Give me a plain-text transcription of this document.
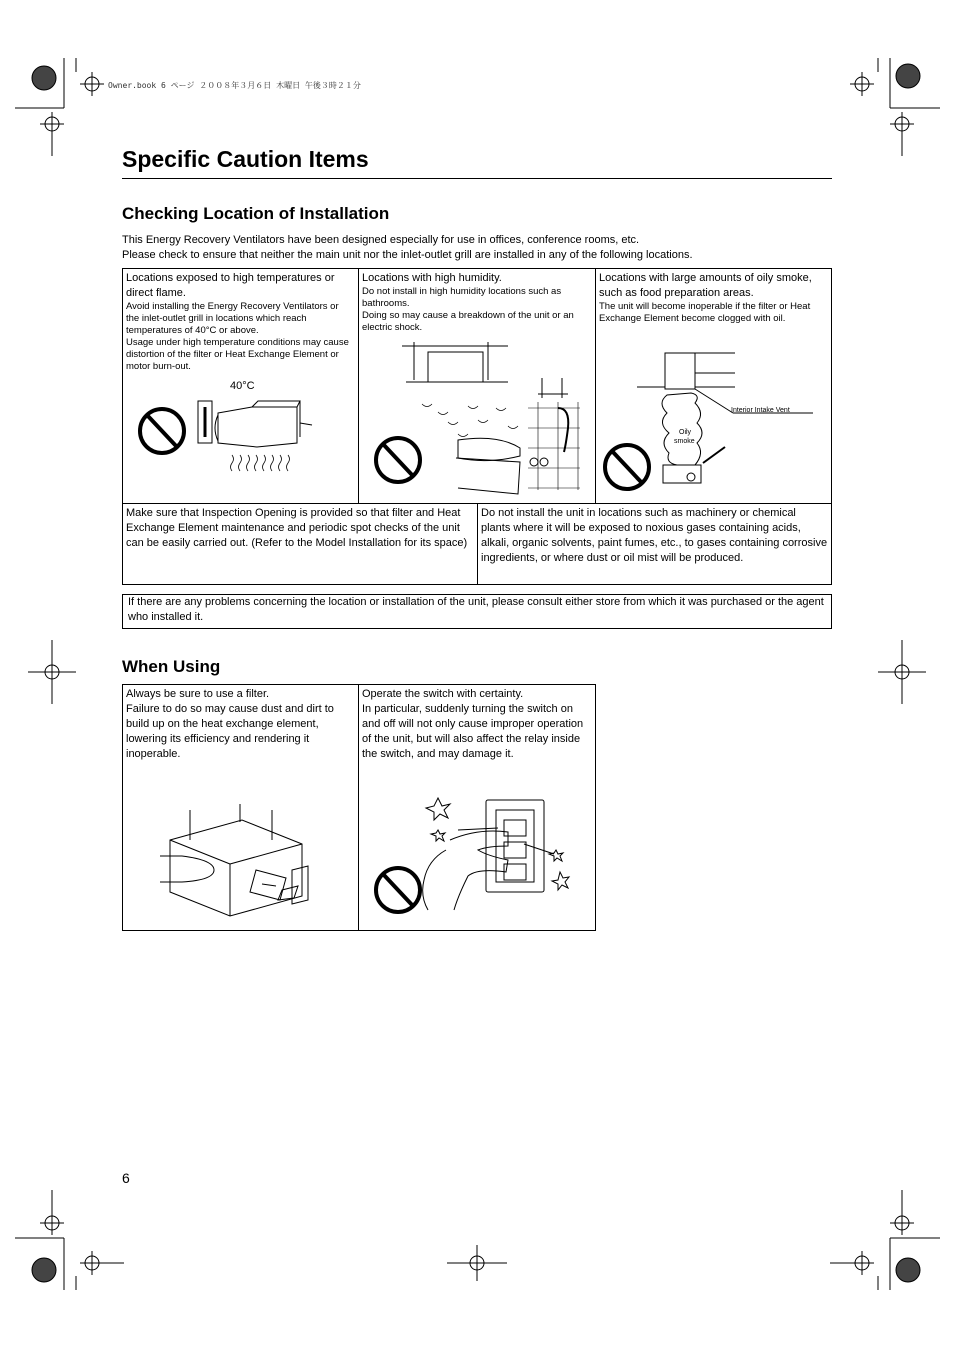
Owner.book 6 ページ ２００８年３月６日 木曜日 午後３時２１分
Specific Caution Items
Checking Location of Installation

This Energy Recovery Ventilators have been designed especially for use in offices, conference rooms, etc.

Please check to ensure that neither the main unit nor the inlet-outlet grill are installed in any of the following locations.

Locations exposed to high temperatures or direct flame.
Avoid installing the Energy Recovery Ventilators or the inlet-outlet grill in locations which reach temperatures of 40°C or above.
Usage under high temperature conditions may cause distortion of the filter or Heat Exchange Element or motor burn-out.
40°C
Locations with high humidity.
Do not install in high humidity locations such as bathrooms.
Doing so may cause a breakdown of the unit or an electric shock.
Locations with large amounts of oily smoke, such as food preparation areas.
The unit will become inoperable if the filter or Heat Exchange Element become clogged with oil.
Interior Intake Vent
Oily
smoke
Make sure that Inspection Opening is provided so that filter and Heat Exchange Element maintenance and periodic spot checks of the unit can be easily carried out. (Refer to the Model Installation for its space)
Do not install the unit in locations such as machinery or chemical plants where it will be exposed to noxious gases containing acids, alkali, organic solvents, paint fumes, etc., to gases containing corrosive ingredients, or where dust or oil mist will be produced.
If there are any problems concerning the location or installation of the unit, please consult either store from which it was purchased or the agent who installed it.
When Using
Always be sure to use a filter.
Failure to do so may cause dust and dirt to build up on the heat exchange element, lowering its efficiency and rendering it inoperable.
Operate the switch with certainty.
In particular, suddenly turning the switch on and off will not only cause improper operation of the unit, but will also affect the relay inside the switch, and may damage it.
6
